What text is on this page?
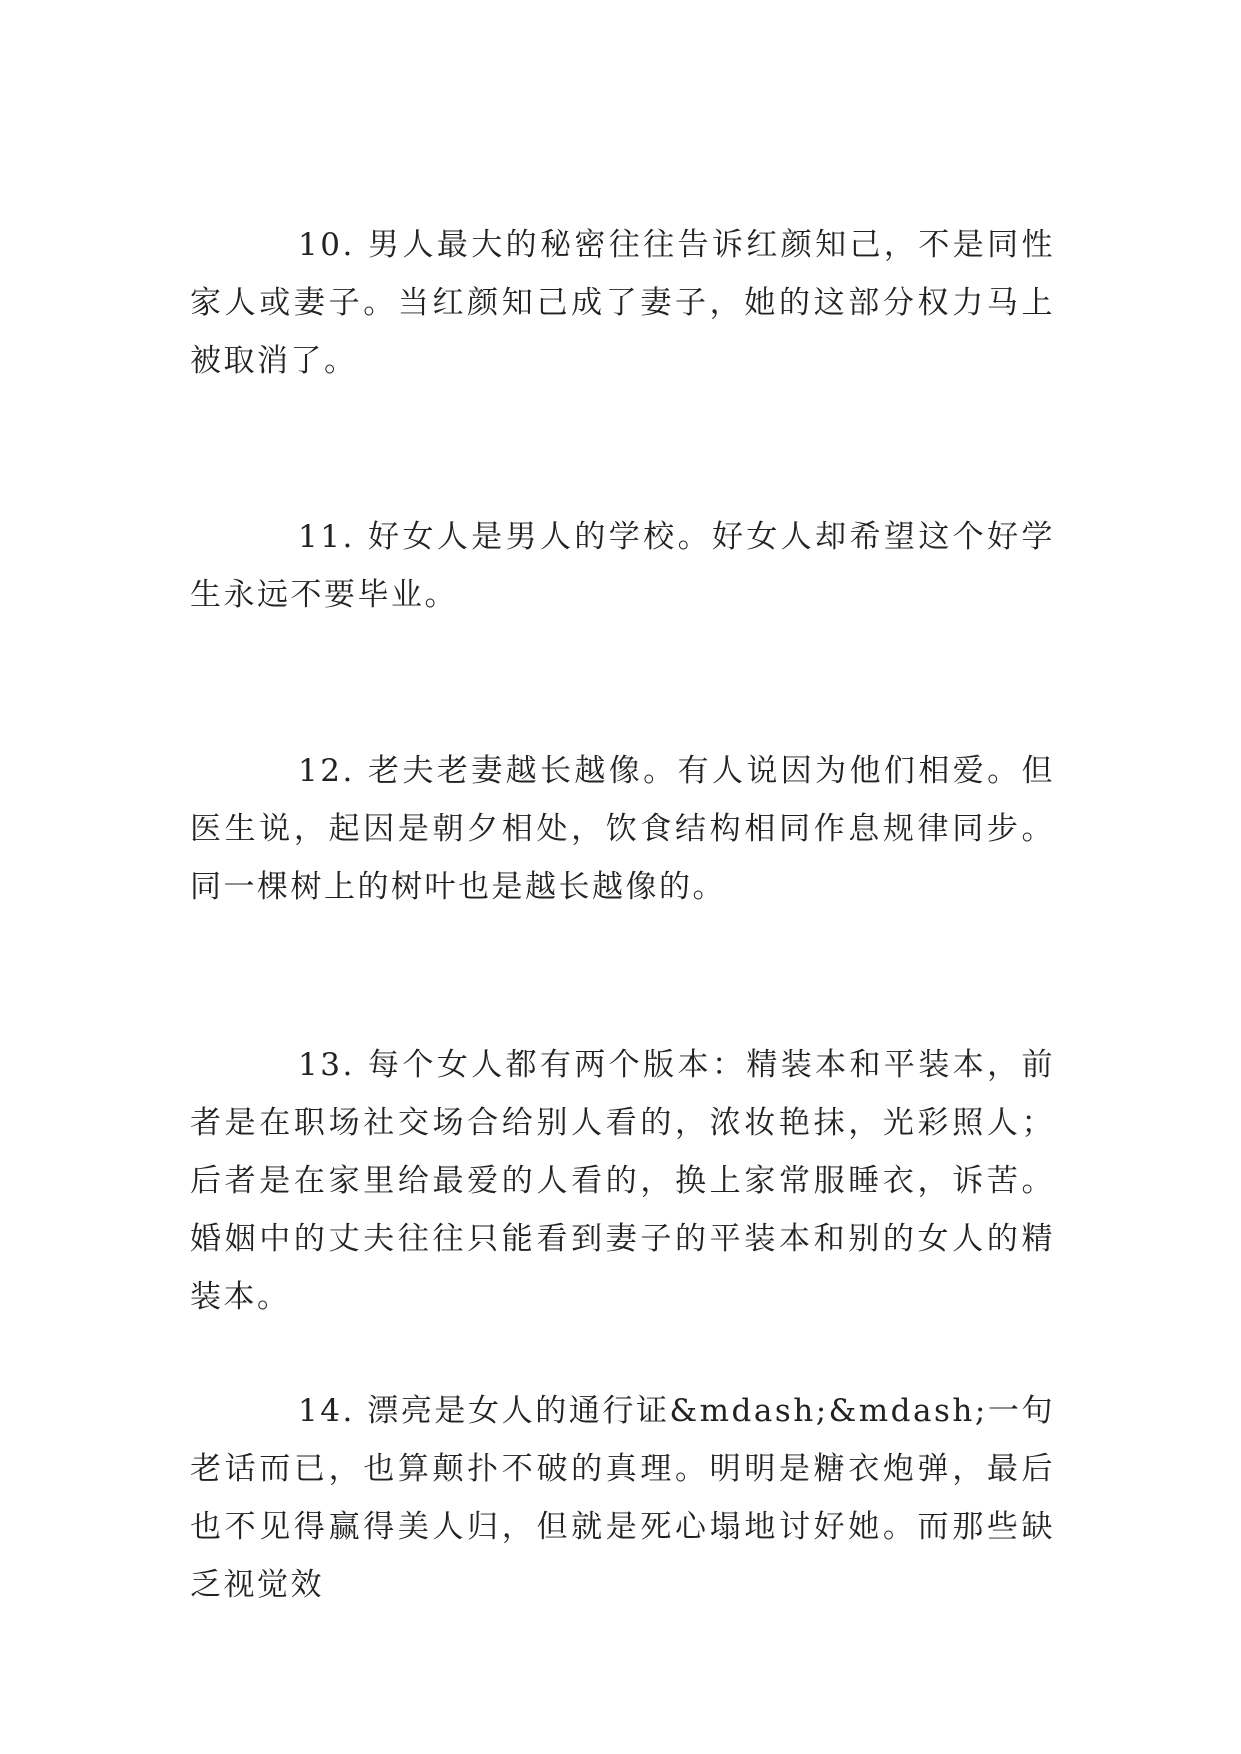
10. 男人最大的秘密往往告诉红颜知己，不是同性家人或妻子。当红颜知己成了妻子，她的这部分权力马上被取消了。

11. 好女人是男人的学校。好女人却希望这个好学生永远不要毕业。

12. 老夫老妻越长越像。有人说因为他们相爱。但医生说，起因是朝夕相处，饮食结构相同作息规律同步。同一棵树上的树叶也是越长越像的。

13. 每个女人都有两个版本：精装本和平装本，前者是在职场社交场合给别人看的，浓妆艳抹，光彩照人；后者是在家里给最爱的人看的，换上家常服睡衣，诉苦。婚姻中的丈夫往往只能看到妻子的平装本和别的女人的精装本。

14. 漂亮是女人的通行证&mdash;&mdash;一句老话而已，也算颠扑不破的真理。明明是糖衣炮弹，最后也不见得赢得美人归，但就是死心塌地讨好她。而那些缺乏视觉效
